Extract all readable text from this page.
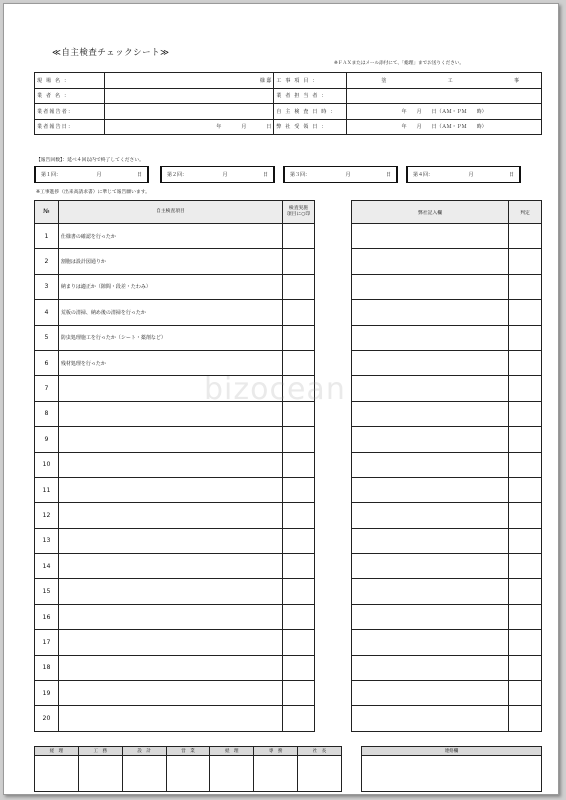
≪自主検査チェックシート≫
※ＦＡＸまたはメール添付にて、「総理」までお送りください。
現 場 名 ：	様 邸	工 事 項 目 ：	塗 工 事

業 者 名 ：		業 者 担 当 者 ：	
業者報告者：		自 主 検 査 日 時 ：	年　　月　　日（ＡＭ・ＰＭ　　時）
業者報告日：	年　　　　月　　　　日	弊 社 受 領 日 ：	年　　月　　日（ＡＭ・ＰＭ　　時）
【報告回数】：延べ４回以内で終了してください。
第１回：	月	日	第２回：	月	日	第３回：	月	日	第４回：	月	日
※工事進捗（出来高請求書）に準じて報告願います。
№	自主検査項目	検査実施
項目に○印
1	仕様書の確認を行ったか	
2	割胞は設計図通りか	
3	納まりは適正か（隙間・段差・たわみ）	
4	荒板の清掃、納め後の清掃を行ったか	
5	防虫処理施工を行ったか（シート・薬剤など）	
6	残材処理を行ったか	
7		
8		
9		
10		
11		
12		
13		
14		
15		
16		
17		
18		
19		
20		
弊社記入欄	判定

経　理	工　務	設　計	営　業	経　理	専　務	社　長

		連絡欄

bizocean
